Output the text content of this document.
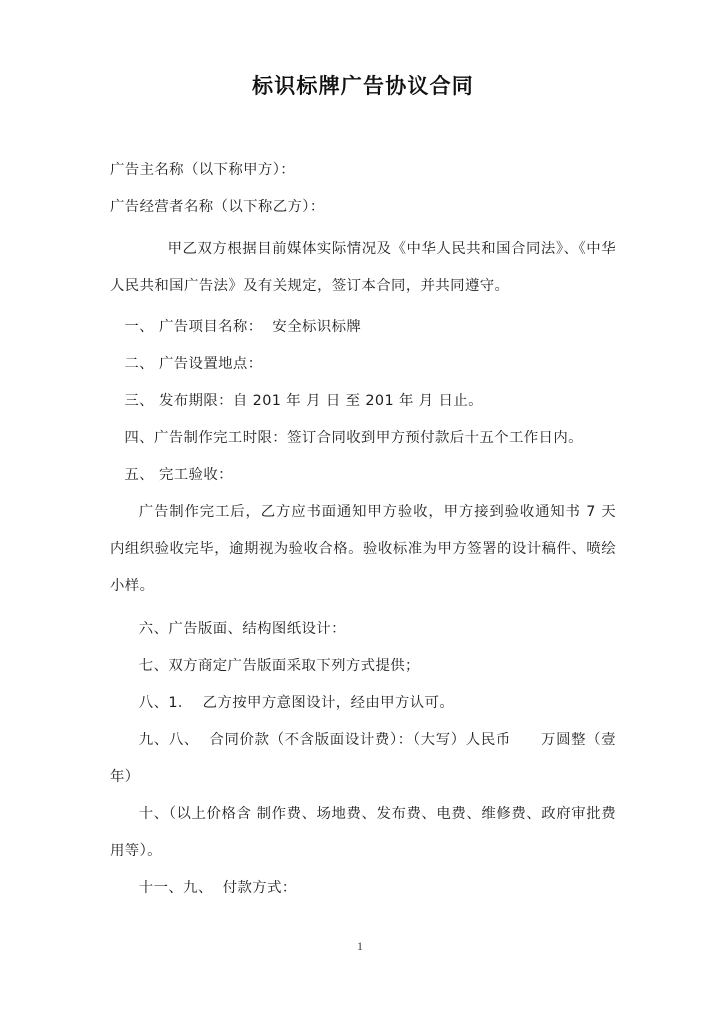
标识标牌广告协议合同

广告主名称（以下称甲方）：

广告经营者名称（以下称乙方）：

甲乙双方根据目前媒体实际情况及《中华人民共和国合同法》、《中华人民共和国广告法》及有关规定，签订本合同，并共同遵守。

一、 广告项目名称：  安全标识标牌

二、 广告设置地点：

三、 发布期限：自 201 年 月 日 至 201 年 月 日止。

四、广告制作完工时限：签订合同收到甲方预付款后十五个工作日内。

五、 完工验收：

广告制作完工后，乙方应书面通知甲方验收，甲方接到验收通知书 7 天内组织验收完毕，逾期视为验收合格。验收标准为甲方签署的设计稿件、喷绘小样。

六、广告版面、结构图纸设计：

七、双方商定广告版面采取下列方式提供；

八、1．  乙方按甲方意图设计，经由甲方认可。

九、八、  合同价款（不含版面设计费）：（大写）人民币　　万圆整（壹年）

十、（以上价格含 制作费、场地费、发布费、电费、维修费、政府审批费用等）。

十一、九、  付款方式：

1
